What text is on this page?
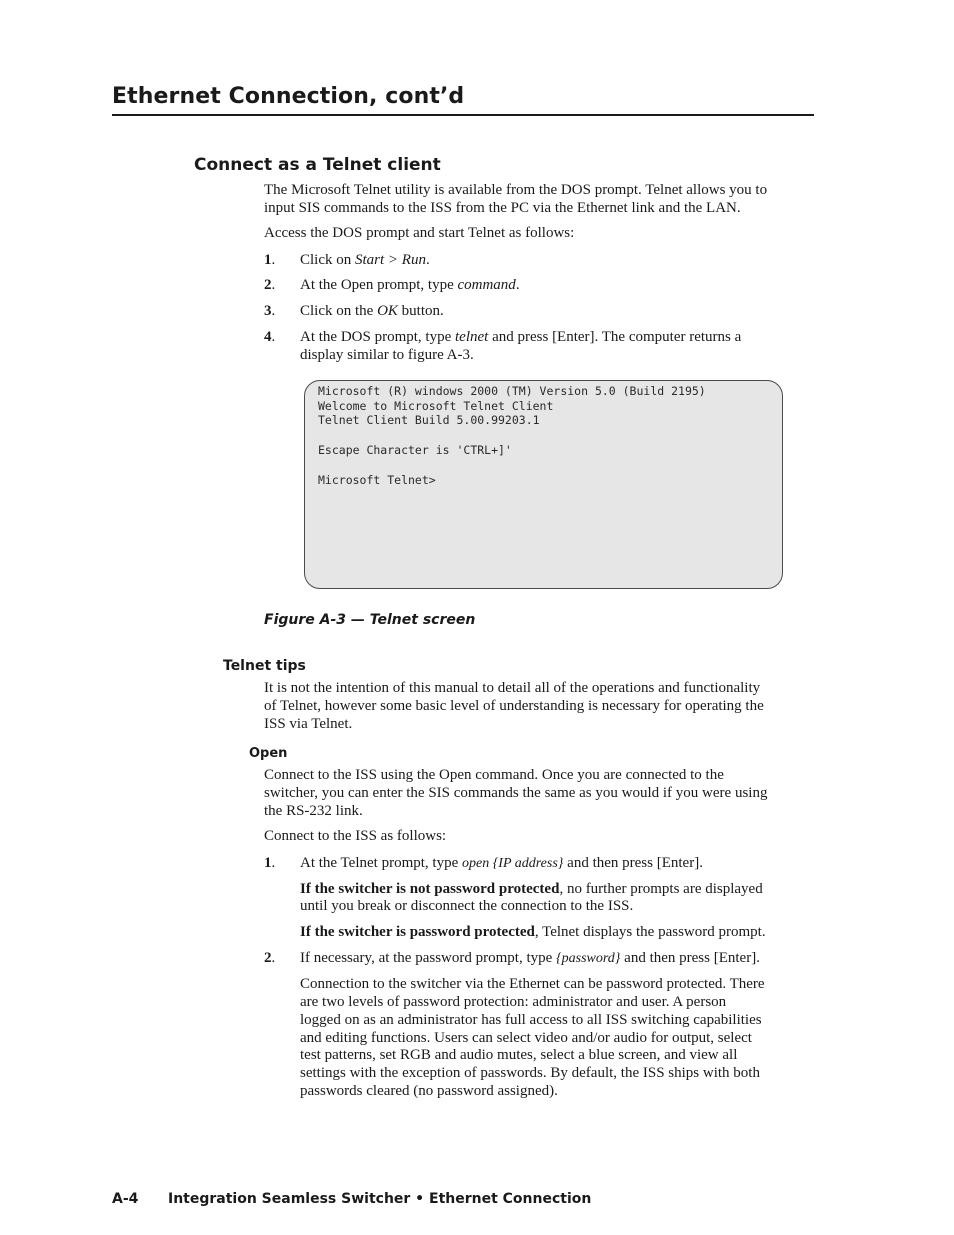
Ethernet Connection, cont’d
Connect as a Telnet client
The Microsoft Telnet utility is available from the DOS prompt. Telnet allows you to
input SIS commands to the ISS from the PC via the Ethernet link and the LAN.
Access the DOS prompt and start Telnet as follows:
1. Click on Start > Run.
2. At the Open prompt, type command.
3. Click on the OK button.
4. At the DOS prompt, type telnet and press [Enter]. The computer returns a
display similar to figure A-3.
Microsoft (R) windows 2000 (TM) Version 5.0 (Build 2195)
Welcome to Microsoft Telnet Client
Telnet Client Build 5.00.99203.1
Escape Character is 'CTRL+]'
Microsoft Telnet>
Figure A-3 — Telnet screen
Telnet tips
It is not the intention of this manual to detail all of the operations and functionality
of Telnet, however some basic level of understanding is necessary for operating the
ISS via Telnet.
Open
Connect to the ISS using the Open command. Once you are connected to the
switcher, you can enter the SIS commands the same as you would if you were using
the RS-232 link.
Connect to the ISS as follows:
1. At the Telnet prompt, type open {IP address} and then press [Enter].
If the switcher is not password protected, no further prompts are displayed
until you break or disconnect the connection to the ISS.
If the switcher is password protected, Telnet displays the password prompt.
2. If necessary, at the password prompt, type {password} and then press [Enter].
Connection to the switcher via the Ethernet can be password protected. There
are two levels of password protection: administrator and user. A person
logged on as an administrator has full access to all ISS switching capabilities
and editing functions. Users can select video and/or audio for output, select
test patterns, set RGB and audio mutes, select a blue screen, and view all
settings with the exception of passwords. By default, the ISS ships with both
passwords cleared (no password assigned).
A-4 Integration Seamless Switcher • Ethernet Connection
